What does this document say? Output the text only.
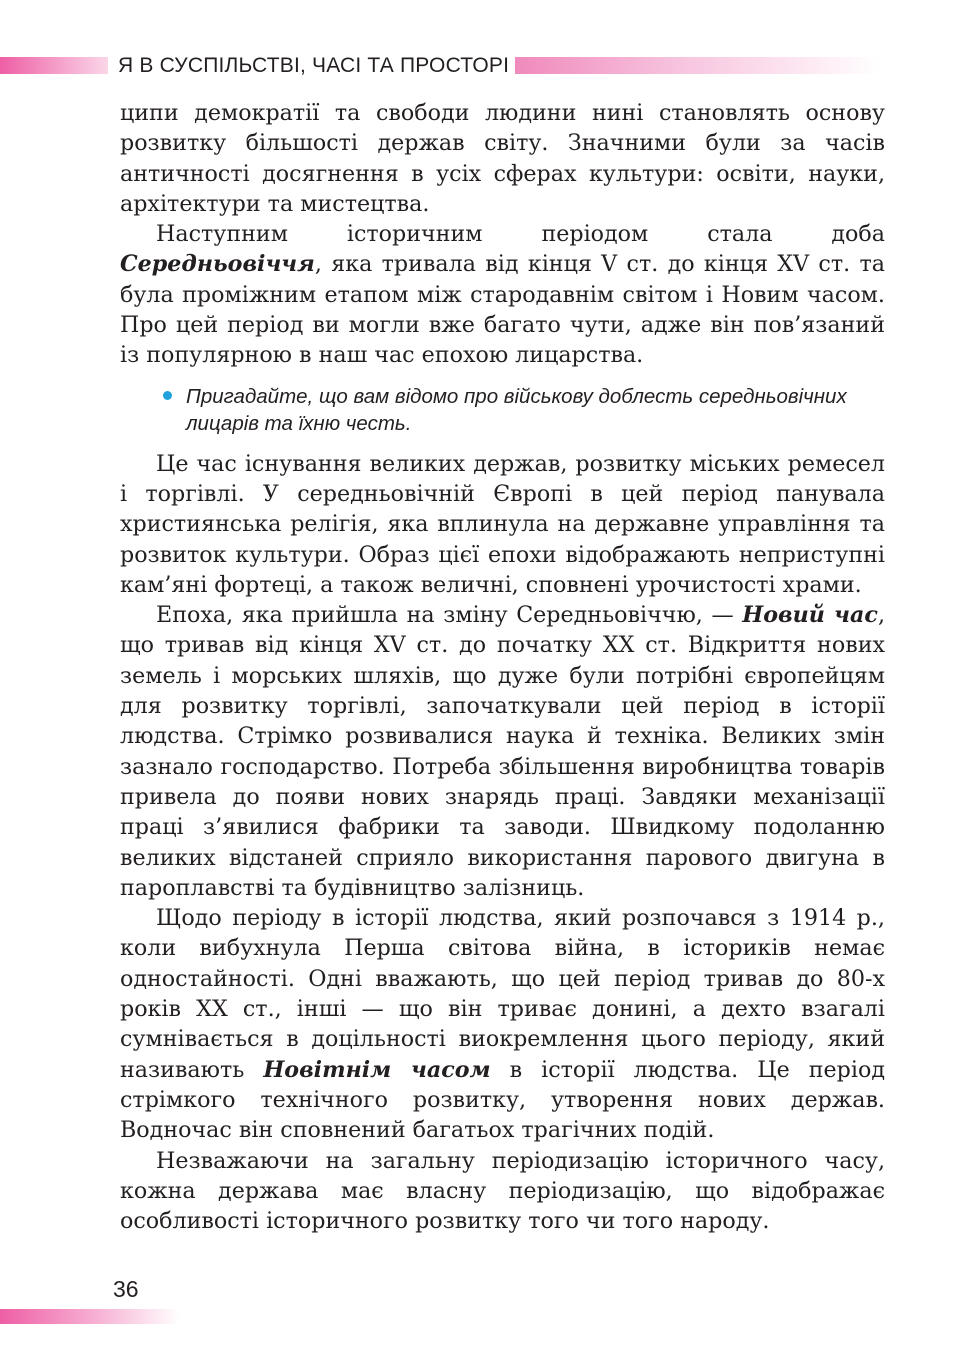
Я В СУСПІЛЬСТВІ, ЧАСІ ТА ПРОСТОРІ

ципи демократії та свободи людини нині становлять основу розвитку більшості держав світу. Значними були за часів античності досягнення в усіх сферах культури: освіти, науки, архітектури та мистецтва.

Наступним історичним періодом стала доба Середньовіччя, яка тривала від кінця V ст. до кінця XV ст. та була проміжним етапом між стародавнім світом і Новим часом. Про цей період ви могли вже багато чути, адже він пов’язаний із популярною в наш час епохою лицарства.

Пригадайте, що вам відомо про військову доблесть середньовічних лицарів та їхню честь.

Це час існування великих держав, розвитку міських ремесел і торгівлі. У середньовічній Європі в цей період панувала християнська релігія, яка вплинула на державне управління та розвиток культури. Образ цієї епохи відображають неприступні кам’яні фортеці, а також величні, сповнені урочистості храми.

Епоха, яка прийшла на зміну Середньовіччю, — Новий час, що тривав від кінця XV ст. до початку XX ст. Відкриття нових земель і морських шляхів, що дуже були потрібні європейцям для розвитку торгівлі, започаткували цей період в історії людства. Стрімко розвивалися наука й техніка. Великих змін зазнало господарство. Потреба збільшення виробництва товарів привела до появи нових знарядь праці. Завдяки механізації праці з’явилися фабрики та заводи. Швидкому подоланню великих відстаней сприяло використання парового двигуна в пароплавстві та будівництво залізниць.

Щодо періоду в історії людства, який розпочався з 1914 р., коли вибухнула Перша світова війна, в істориків немає одностайності. Одні вважають, що цей період тривав до 80-х років XX ст., інші — що він триває донині, а дехто взагалі сумнівається в доцільності виокремлення цього періоду, який називають Новітнім часом в історії людства. Це період стрімкого технічного розвитку, утворення нових держав. Водночас він сповнений багатьох трагічних подій.

Незважаючи на загальну періодизацію історичного часу, кожна держава має власну періодизацію, що відображає особливості історичного розвитку того чи того народу.

36
